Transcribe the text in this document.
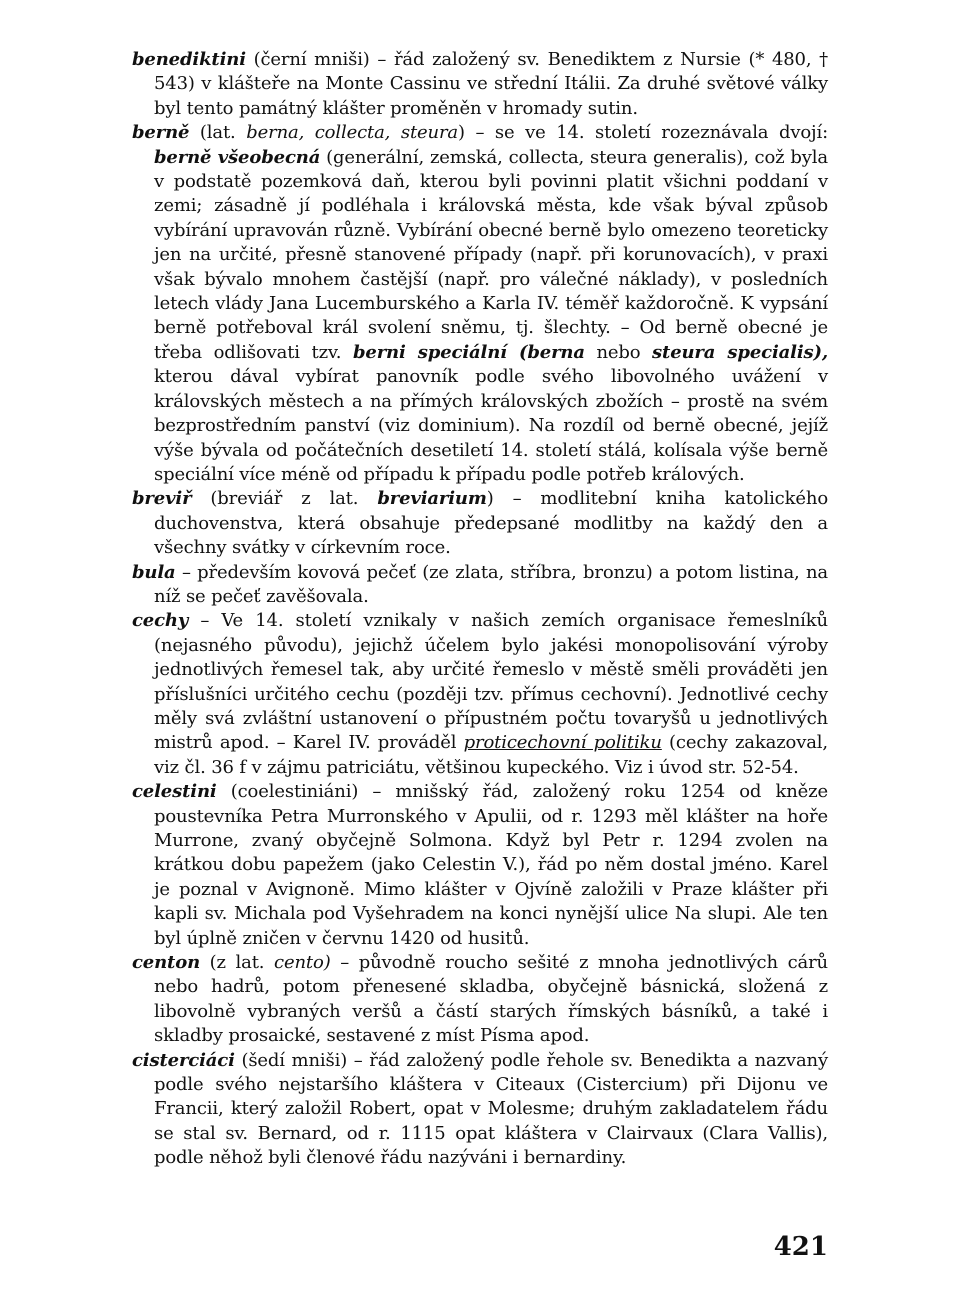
benediktini (černí mniši) – řád založený sv. Benediktem z Nursie (* 480, † 543) v klášteře na Monte Cassinu ve střední Itálii. Za druhé světové války byl tento památný klášter proměněn v hromady sutin.

berně (lat. berna, collecta, steura) – se ve 14. století rozeznávala dvojí: berně všeobecná (generální, zemská, collecta, steura generalis), což byla v podstatě pozemková daň, kterou byli povinni platit všichni poddaní v zemi; zásadně jí podléhala i královská města, kde však býval způsob vybírání upravován různě. Vybírání obecné berně bylo omezeno teoreticky jen na určité, přesně stanovené případy (např. při korunovacích), v praxi však bývalo mnohem častější (např. pro válečné náklady), v posledních letech vlády Jana Lucemburského a Karla IV. téměř každoročně. K vypsání berně potřeboval král svolení sněmu, tj. šlechty. – Od berně obecné je třeba odlišovati tzv. berni speciální (berna nebo steura specialis), kterou dával vybírat panovník podle svého libovolného uvážení v královských městech a na přímých královských zbožích – prostě na svém bezprostředním panství (viz dominium). Na rozdíl od berně obecné, jejíž výše bývala od počátečních desetiletí 14. století stálá, kolísala výše berně speciální více méně od případu k případu podle potřeb králových.

breviř (breviář z lat. breviarium) – modlitební kniha katolického duchovenstva, která obsahuje předepsané modlitby na každý den a všechny svátky v církevním roce.

bula – především kovová pečeť (ze zlata, stříbra, bronzu) a potom listina, na níž se pečeť zavěšovala.

cechy – Ve 14. století vznikaly v našich zemích organisace řemeslníků (nejasného původu), jejichž účelem bylo jakési monopolisování výroby jednotlivých řemesel tak, aby určité řemeslo v městě směli prováděti jen příslušníci určitého cechu (později tzv. přímus cechovní). Jednotlivé cechy měly svá zvláštní ustanovení o přípustném počtu tovaryšů u jednotlivých mistrů apod. – Karel IV. prováděl proticechovní politiku (cechy zakazoval, viz čl. 36 f v zájmu patriciátu, většinou kupeckého. Viz i úvod str. 52-54.

celestini (coelestiniáni) – mnišský řád, založený roku 1254 od kněze poustevníka Petra Murronského v Apulii, od r. 1293 měl klášter na hoře Murrone, zvaný obyčejně Solmona. Když byl Petr r. 1294 zvolen na krátkou dobu papežem (jako Celestin V.), řád po něm dostal jméno. Karel je poznal v Avignoně. Mimo klášter v Ojvíně založili v Praze klášter při kapli sv. Michala pod Vyšehradem na konci nynější ulice Na slupi. Ale ten byl úplně zničen v červnu 1420 od husitů.

centon (z lat. cento) – původně roucho sešité z mnoha jednotlivých cárů nebo hadrů, potom přenesené skladba, obyčejně básnická, složená z libovolně vybraných veršů a částí starých římských básníků, a také i skladby prosaické, sestavené z míst Písma apod.

cisterciáci (šedí mniši) – řád založený podle řehole sv. Benedikta a nazvaný podle svého nejstaršího kláštera v Citeaux (Cistercium) při Dijonu ve Francii, který založil Robert, opat v Molesme; druhým zakladatelem řádu se stal sv. Bernard, od r. 1115 opat kláštera v Clairvaux (Clara Vallis), podle něhož byli členové řádu nazýváni i bernardiny.

421
